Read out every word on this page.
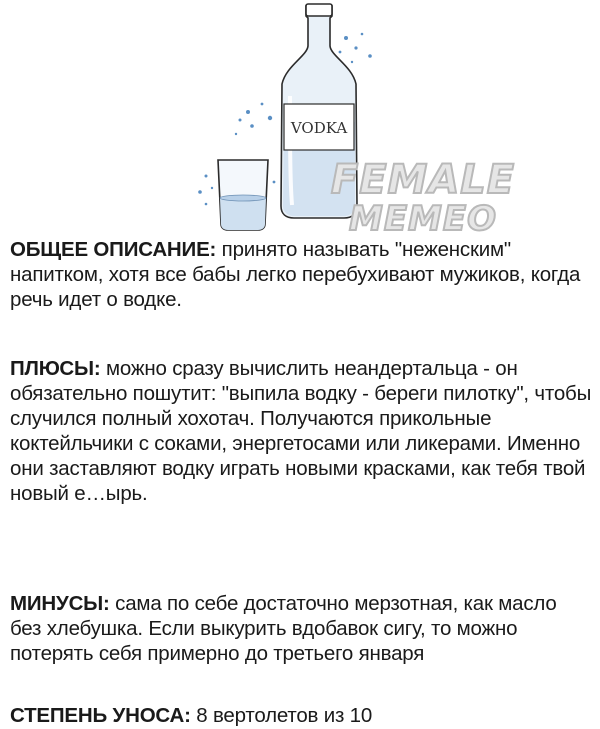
VODKA
FEMALE
MEMEO
ОБЩЕЕ ОПИСАНИЕ: принято называть "неженским" напитком, хотя все бабы легко перебухивают мужиков, когда речь идет о водке.
ПЛЮСЫ: можно сразу вычислить неандертальца - он обязательно пошутит: "выпила водку - береги пилотку", чтобы случился полный хохотач. Получаются прикольные коктейльчики с соками, энергетосами или ликерами. Именно они заставляют водку играть новыми красками, как тебя твой новый е…ырь.
МИНУСЫ: сама по себе достаточно мерзотная, как масло без хлебушка. Если выкурить вдобавок сигу, то можно потерять себя примерно до третьего января
СТЕПЕНЬ УНОСА: 8 вертолетов из 10
